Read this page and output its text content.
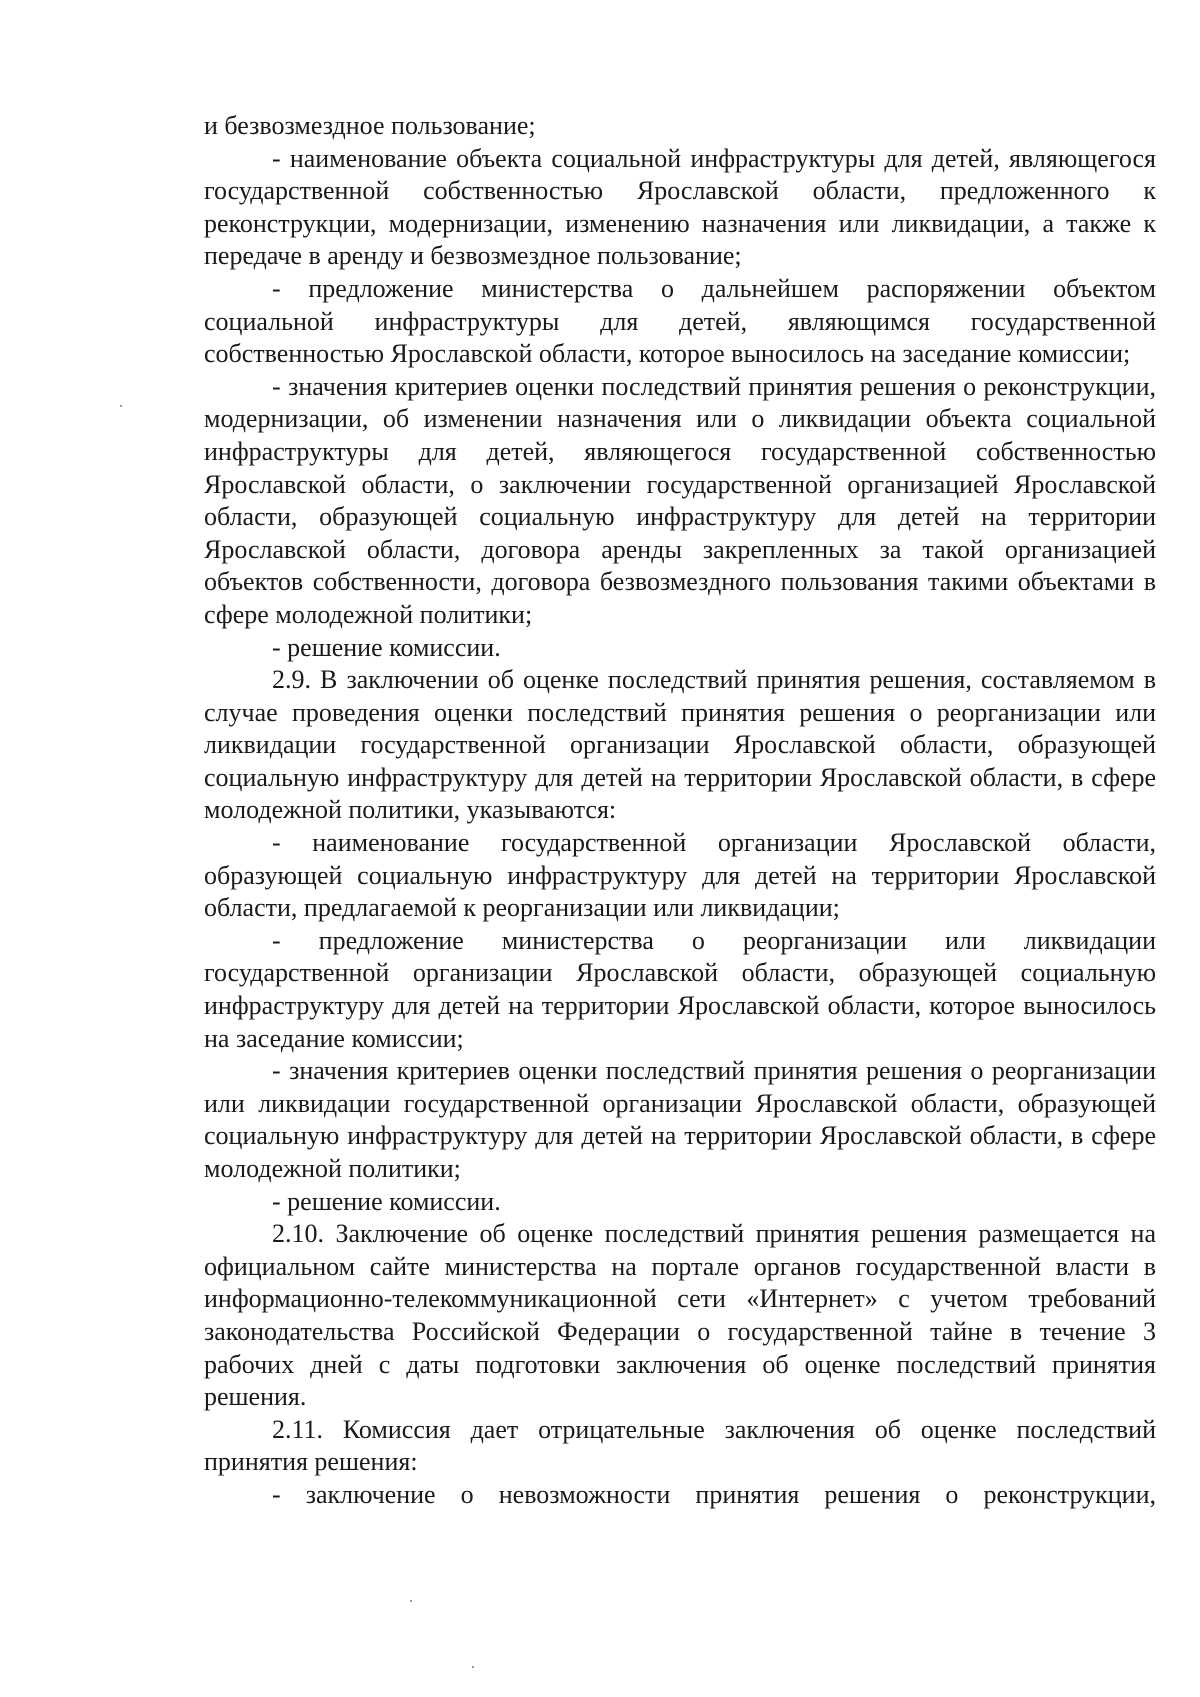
и безвозмездное пользование;

- наименование объекта социальной инфраструктуры для детей, являющегося государственной собственностью Ярославской области, предложенного к реконструкции, модернизации, изменению назначения или ликвидации, а также к передаче в аренду и безвозмездное пользование;

- предложение министерства о дальнейшем распоряжении объектом социальной инфраструктуры для детей, являющимся государственной собственностью Ярославской области, которое выносилось на заседание комиссии;

- значения критериев оценки последствий принятия решения о реконструкции, модернизации, об изменении назначения или о ликвидации объекта социальной инфраструктуры для детей, являющегося государственной собственностью Ярославской области, о заключении государственной организацией Ярославской области, образующей социальную инфраструктуру для детей на территории Ярославской области, договора аренды закрепленных за такой организацией объектов собственности, договора безвозмездного пользования такими объектами в сфере молодежной политики;

- решение комиссии.

2.9. В заключении об оценке последствий принятия решения, составляемом в случае проведения оценки последствий принятия решения о реорганизации или ликвидации государственной организации Ярославской области, образующей социальную инфраструктуру для детей на территории Ярославской области, в сфере молодежной политики, указываются:

- наименование государственной организации Ярославской области, образующей социальную инфраструктуру для детей на территории Ярославской области, предлагаемой к реорганизации или ликвидации;

- предложение министерства о реорганизации или ликвидации государственной организации Ярославской области, образующей социальную инфраструктуру для детей на территории Ярославской области, которое выносилось на заседание комиссии;

- значения критериев оценки последствий принятия решения о реорганизации или ликвидации государственной организации Ярославской области, образующей социальную инфраструктуру для детей на территории Ярославской области, в сфере молодежной политики;

- решение комиссии.

2.10. Заключение об оценке последствий принятия решения размещается на официальном сайте министерства на портале органов государственной власти в информационно-телекоммуникационной сети «Интернет» с учетом требований законодательства Российской Федерации о государственной тайне в течение 3 рабочих дней с даты подготовки заключения об оценке последствий принятия решения.

2.11. Комиссия дает отрицательные заключения об оценке последствий принятия решения:

- заключение о невозможности принятия решения о реконструкции,
